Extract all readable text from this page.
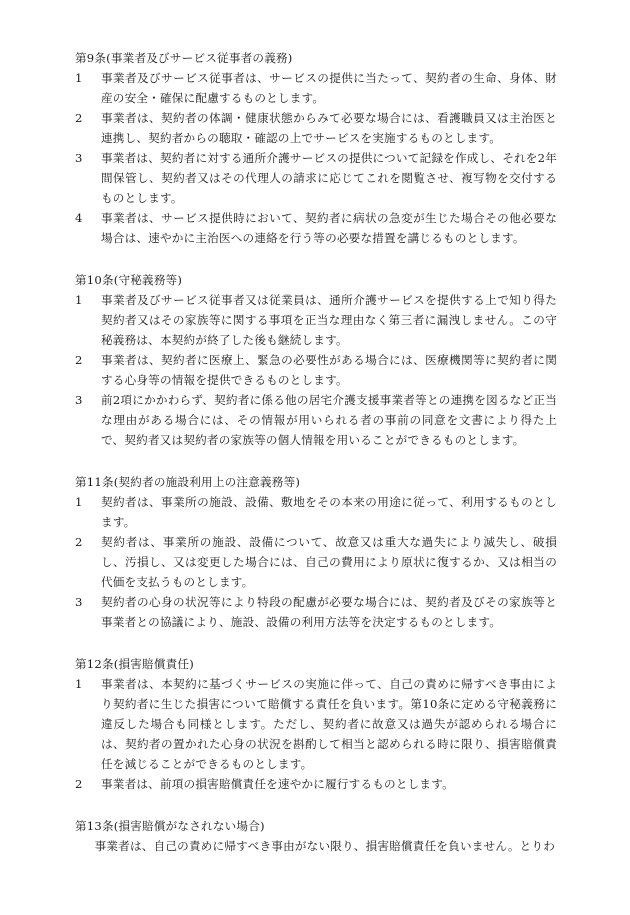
第9条(事業者及びサービス従事者の義務)

1 事業者及びサービス従事者は、サービスの提供に当たって、契約者の生命、身体、財産の安全・確保に配慮するものとします。
2 事業者は、契約者の体調・健康状態からみて必要な場合には、看護職員又は主治医と連携し、契約者からの聴取・確認の上でサービスを実施するものとします。
3 事業者は、契約者に対する通所介護サービスの提供について記録を作成し、それを2年間保管し、契約者又はその代理人の請求に応じてこれを閲覧させ、複写物を交付するものとします。
4 事業者は、サービス提供時において、契約者に病状の急変が生じた場合その他必要な場合は、速やかに主治医への連絡を行う等の必要な措置を講じるものとします。

第10条(守秘義務等)

1 事業者及びサービス従事者又は従業員は、通所介護サービスを提供する上で知り得た契約者又はその家族等に関する事項を正当な理由なく第三者に漏洩しません。この守秘義務は、本契約が終了した後も継続します。
2 事業者は、契約者に医療上、緊急の必要性がある場合には、医療機関等に契約者に関する心身等の情報を提供できるものとします。
3 前2項にかかわらず、契約者に係る他の居宅介護支援事業者等との連携を図るなど正当な理由がある場合には、その情報が用いられる者の事前の同意を文書により得た上で、契約者又は契約者の家族等の個人情報を用いることができるものとします。

第11条(契約者の施設利用上の注意義務等)

1 契約者は、事業所の施設、設備、敷地をその本来の用途に従って、利用するものとします。
2 契約者は、事業所の施設、設備について、故意又は重大な過失により滅失し、破損し、汚損し、又は変更した場合には、自己の費用により原状に復するか、又は相当の代価を支払うものとします。
3 契約者の心身の状況等により特段の配慮が必要な場合には、契約者及びその家族等と事業者との協議により、施設、設備の利用方法等を決定するものとします。

第12条(損害賠償責任)

1 事業者は、本契約に基づくサービスの実施に伴って、自己の責めに帰すべき事由により契約者に生じた損害について賠償する責任を負います。第10条に定める守秘義務に違反した場合も同様とします。ただし、契約者に故意又は過失が認められる場合には、契約者の置かれた心身の状況を斟酌して相当と認められる時に限り、損害賠償責任を減じることができるものとします。
2 事業者は、前項の損害賠償責任を速やかに履行するものとします。

第13条(損害賠償がなされない場合)

事業者は、自己の責めに帰すべき事由がない限り、損害賠償責任を負いません。とりわ
